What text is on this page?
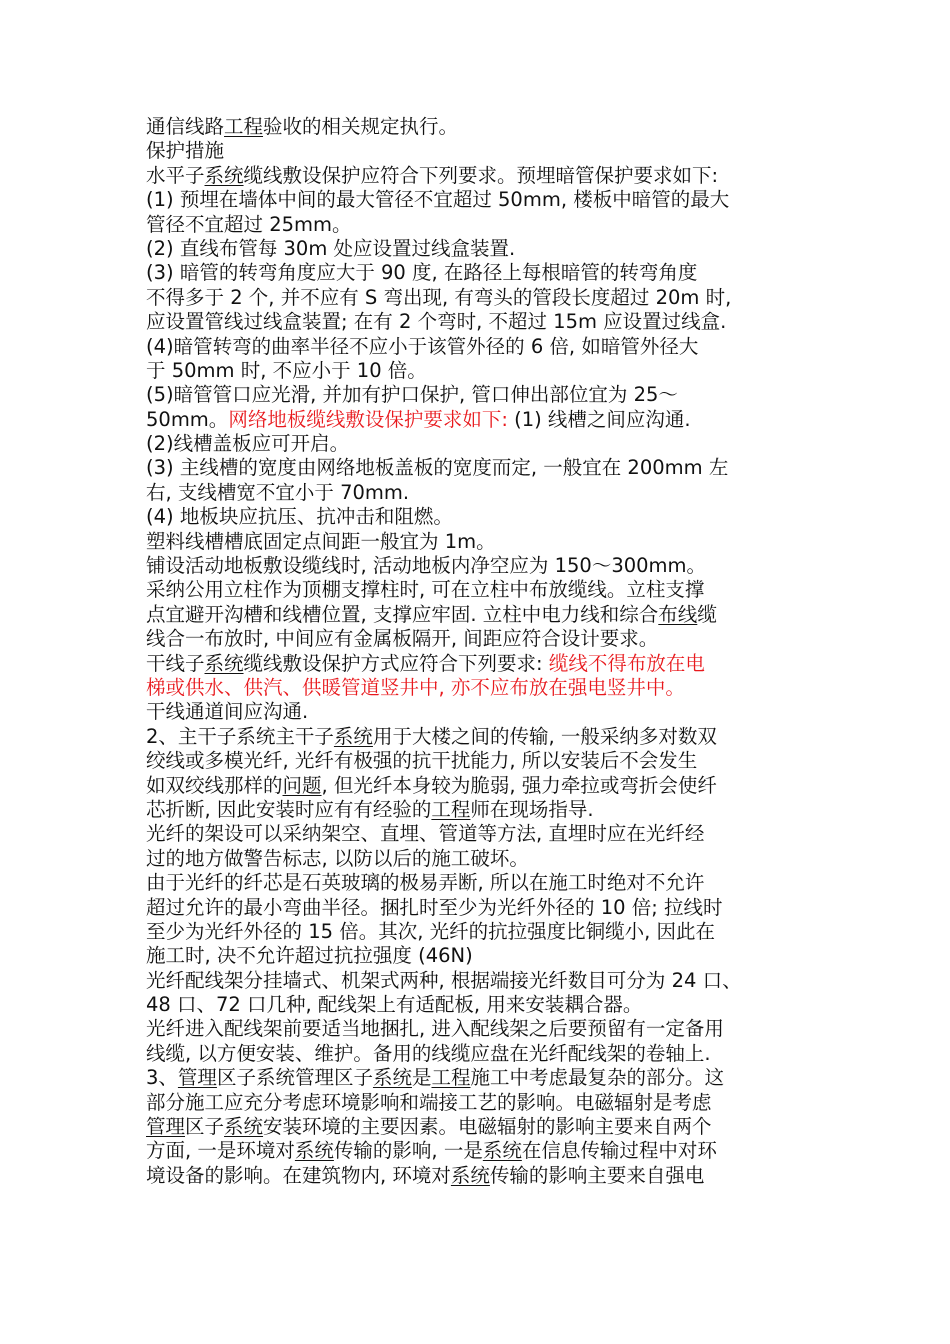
通信线路工程验收的相关规定执行。
保护措施
水平子系统缆线敷设保护应符合下列要求。预埋暗管保护要求如下:
(1) 预埋在墙体中间的最大管径不宜超过 50mm, 楼板中暗管的最大
管径不宜超过 25mm。
(2) 直线布管每 30m 处应设置过线盒装置.
(3) 暗管的转弯角度应大于 90 度, 在路径上每根暗管的转弯角度
不得多于 2 个, 并不应有 S 弯出现, 有弯头的管段长度超过 20m 时,
应设置管线过线盒装置; 在有 2 个弯时, 不超过 15m 应设置过线盒.
(4)暗管转弯的曲率半径不应小于该管外径的 6 倍, 如暗管外径大
于 50mm 时, 不应小于 10 倍。
(5)暗管管口应光滑, 并加有护口保护, 管口伸出部位宜为 25～
50mm。网络地板缆线敷设保护要求如下: (1) 线槽之间应沟通.
(2)线槽盖板应可开启。
(3) 主线槽的宽度由网络地板盖板的宽度而定, 一般宜在 200mm 左
右, 支线槽宽不宜小于 70mm.
(4) 地板块应抗压、抗冲击和阻燃。
塑料线槽槽底固定点间距一般宜为 1m。
铺设活动地板敷设缆线时, 活动地板内净空应为 150～300mm。
采纳公用立柱作为顶棚支撑柱时, 可在立柱中布放缆线。立柱支撑
点宜避开沟槽和线槽位置, 支撑应牢固. 立柱中电力线和综合布线缆
线合一布放时, 中间应有金属板隔开, 间距应符合设计要求。
干线子系统缆线敷设保护方式应符合下列要求: 缆线不得布放在电
梯或供水、供汽、供暖管道竖井中, 亦不应布放在强电竖井中。
干线通道间应沟通.
2、主干子系统主干子系统用于大楼之间的传输, 一般采纳多对数双
绞线或多模光纤, 光纤有极强的抗干扰能力, 所以安装后不会发生
如双绞线那样的问题, 但光纤本身较为脆弱, 强力牵拉或弯折会使纤
芯折断, 因此安装时应有有经验的工程师在现场指导.
光纤的架设可以采纳架空、直埋、管道等方法, 直埋时应在光纤经
过的地方做警告标志, 以防以后的施工破坏。
由于光纤的纤芯是石英玻璃的极易弄断, 所以在施工时绝对不允许
超过允许的最小弯曲半径。捆扎时至少为光纤外径的 10 倍; 拉线时
至少为光纤外径的 15 倍。其次, 光纤的抗拉强度比铜缆小, 因此在
施工时, 决不允许超过抗拉强度 (46N)
光纤配线架分挂墙式、机架式两种, 根据端接光纤数目可分为 24 口、
48 口、72 口几种, 配线架上有适配板, 用来安装耦合器。
光纤进入配线架前要适当地捆扎, 进入配线架之后要预留有一定备用
线缆, 以方便安装、维护。备用的线缆应盘在光纤配线架的卷轴上.
3、管理区子系统管理区子系统是工程施工中考虑最复杂的部分。这
部分施工应充分考虑环境影响和端接工艺的影响。电磁辐射是考虑
管理区子系统安装环境的主要因素。电磁辐射的影响主要来自两个
方面, 一是环境对系统传输的影响, 一是系统在信息传输过程中对环
境设备的影响。在建筑物内, 环境对系统传输的影响主要来自强电
